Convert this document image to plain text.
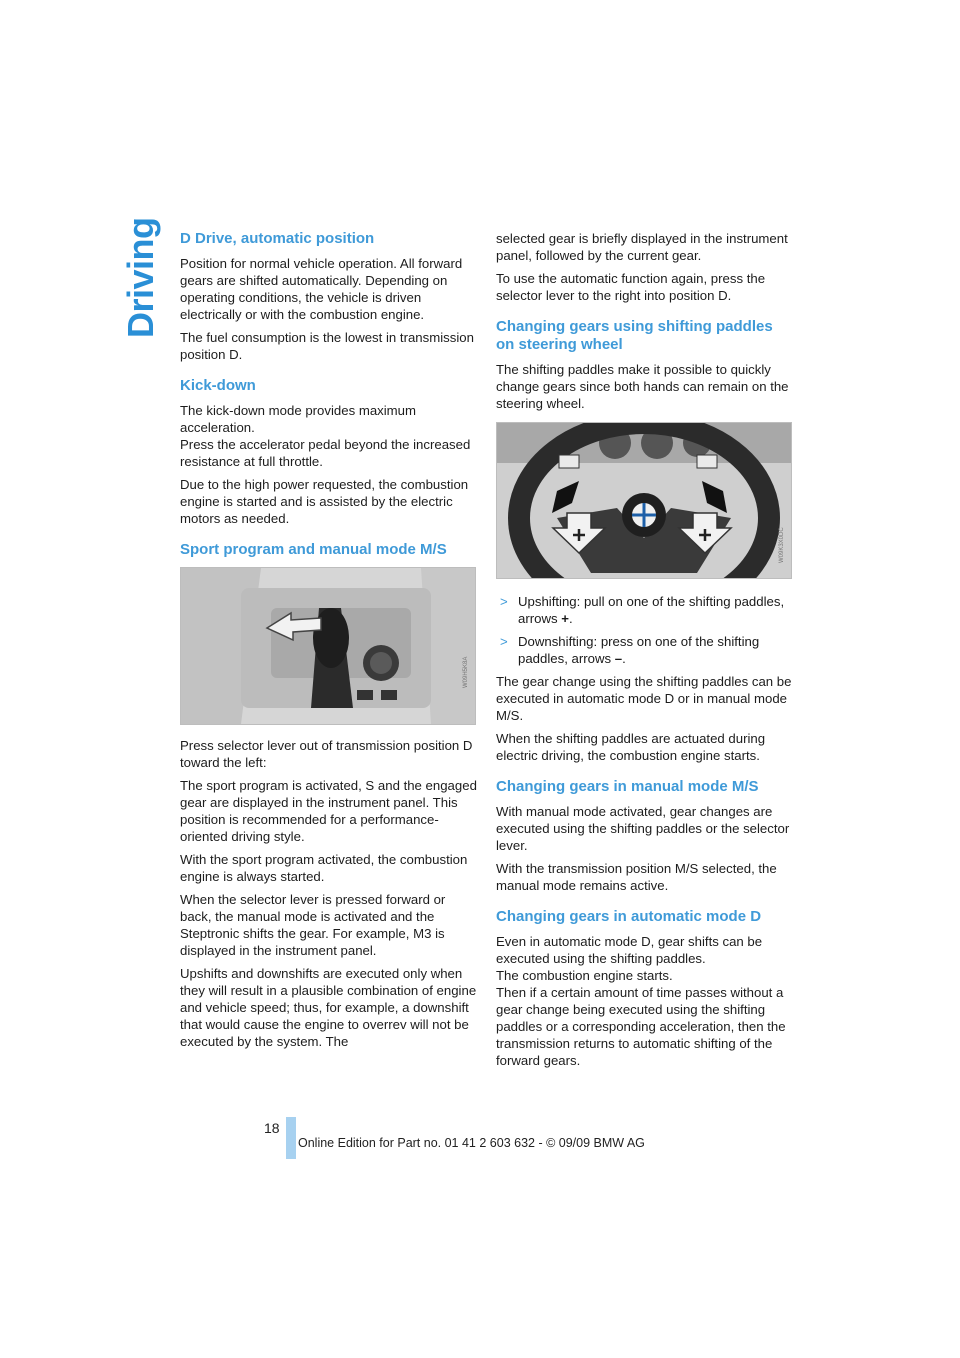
Driving D Drive, automatic position

Position for normal vehicle operation. All forward gears are shifted automatically. Depending on operating conditions, the vehicle is driven electrically or with the combustion engine.

The fuel consumption is the lowest in transmission position D.

Kick-down

The kick-down mode provides maximum acceleration.
Press the accelerator pedal beyond the increased resistance at full throttle.

Due to the high power requested, the combustion engine is started and is assisted by the electric motors as needed.

Sport program and manual mode M/S
W09H5K8A

Press selector lever out of transmission position D toward the left:

The sport program is activated, S and the engaged gear are displayed in the instrument panel. This position is recommended for a performance-oriented driving style.

With the sport program activated, the combustion engine is always started.

When the selector lever is pressed forward or back, the manual mode is activated and the Steptronic shifts the gear. For example, M3 is displayed in the instrument panel.

Upshifts and downshifts are executed only when they will result in a plausible combination of engine and vehicle speed; thus, for example, a downshift that would cause the engine to overrev will not be executed by the system. The

selected gear is briefly displayed in the instrument panel, followed by the current gear.

To use the automatic function again, press the selector lever to the right into position D.

Changing gears using shifting paddles on steering wheel

The shifting paddles make it possible to quickly change gears since both hands can remain on the steering wheel.

W09K3X0DC
> Upshifting: pull on one of the shifting paddles, arrows +.
> Downshifting: press on one of the shifting paddles, arrows –.

The gear change using the shifting paddles can be executed in automatic mode D or in manual mode M/S.

When the shifting paddles are actuated during electric driving, the combustion engine starts.

Changing gears in manual mode M/S

With manual mode activated, gear changes are executed using the shifting paddles or the selector lever.

With the transmission position M/S selected, the manual mode remains active.

Changing gears in automatic mode D

Even in automatic mode D, gear shifts can be executed using the shifting paddles.
The combustion engine starts.
Then if a certain amount of time passes without a gear change being executed using the shifting paddles or a corresponding acceleration, then the transmission returns to automatic shifting of the forward gears.

18
Online Edition for Part no. 01 41 2 603 632 - © 09/09 BMW AG
